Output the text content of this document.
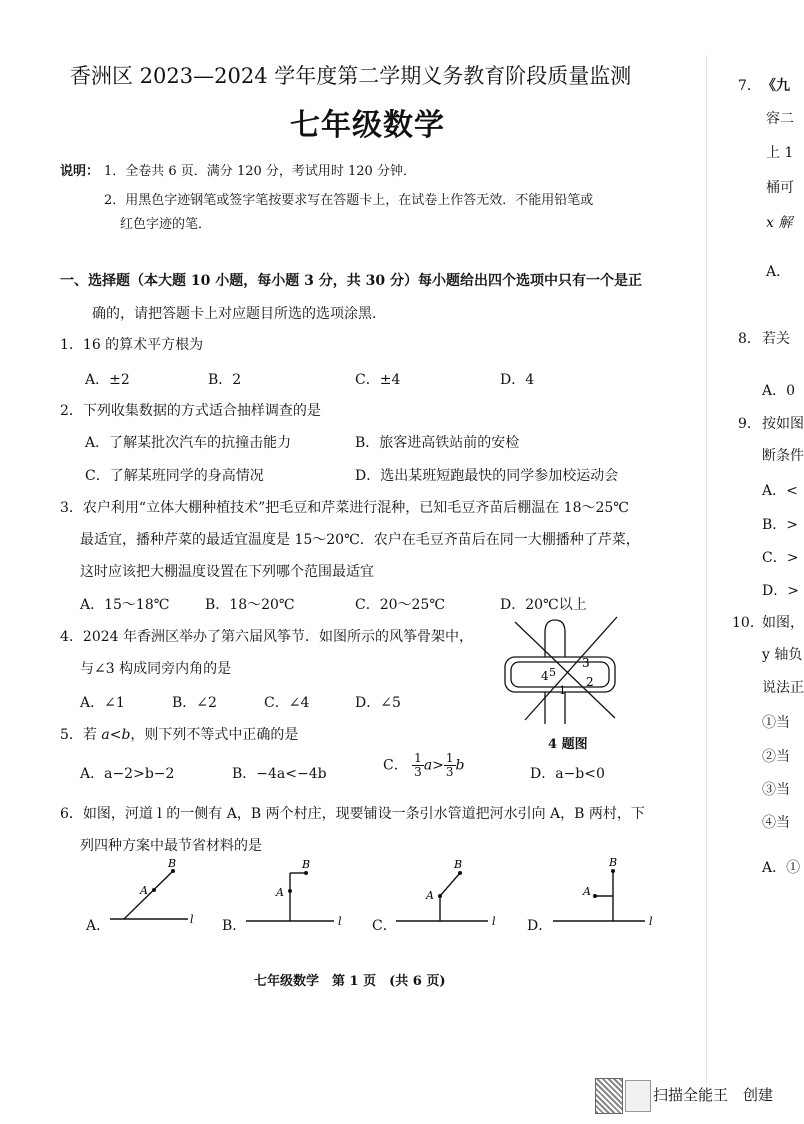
香洲区 2023—2024 学年度第二学期义务教育阶段质量监测
七年级数学
说明： 1．全卷共 6 页．满分 120 分，考试用时 120 分钟．
2．用黑色字迹钢笔或签字笔按要求写在答题卡上，在试卷上作答无效．不能用铅笔或
红色字迹的笔．
一、选择题（本大题 10 小题，每小题 3 分，共 30 分）每小题给出四个选项中只有一个是正
确的，请把答题卡上对应题目所选的选项涂黑．
1．16 的算术平方根为
A．±2	B．2	C．±4	D．4
2．下列收集数据的方式适合抽样调查的是
A．了解某批次汽车的抗撞击能力	B．旅客进高铁站前的安检
C．了解某班同学的身高情况	D．选出某班短跑最快的同学参加校运动会
3．农户利用“立体大棚种植技术”把毛豆和芹菜进行混种，已知毛豆齐苗后棚温在 18～25℃
最适宜，播种芹菜的最适宜温度是 15～20℃．农户在毛豆齐苗后在同一大棚播种了芹菜，
这时应该把大棚温度设置在下列哪个范围最适宜
A．15～18℃	B．18～20℃	C．20～25℃	D．20℃以上
4．2024 年香洲区举办了第六届风筝节．如图所示的风筝骨架中，
与∠3 构成同旁内角的是
A．∠1	B．∠2	C．∠4	D．∠5
4 5
3
2
1
4 题图
5．若 a<b，则下列不等式中正确的是
A．a−2>b−2	B．−4a<−4b
C． $\frac{1}{3} a> \frac{1}{3}$ b
D．a−b<0
6．如图，河道 l 的一侧有 A，B 两个村庄，现要铺设一条引水管道把河水引向 A，B 两村，下
列四种方案中最节省材料的是
A．
A
B
l B．
A
B
l C．
A
B
l D．
A
B
l
七年级数学　第 1 页　(共 6 页)
7． 《九
容二
上 1
桶可
x 解
A．
8． 若关
A．0
9． 按如图
断条件
A．<
B．>
C．>
D．>
10．
如图，
y 轴负
说法正
①当
②当
③当
④当
A．①
扫描全能王　创建
